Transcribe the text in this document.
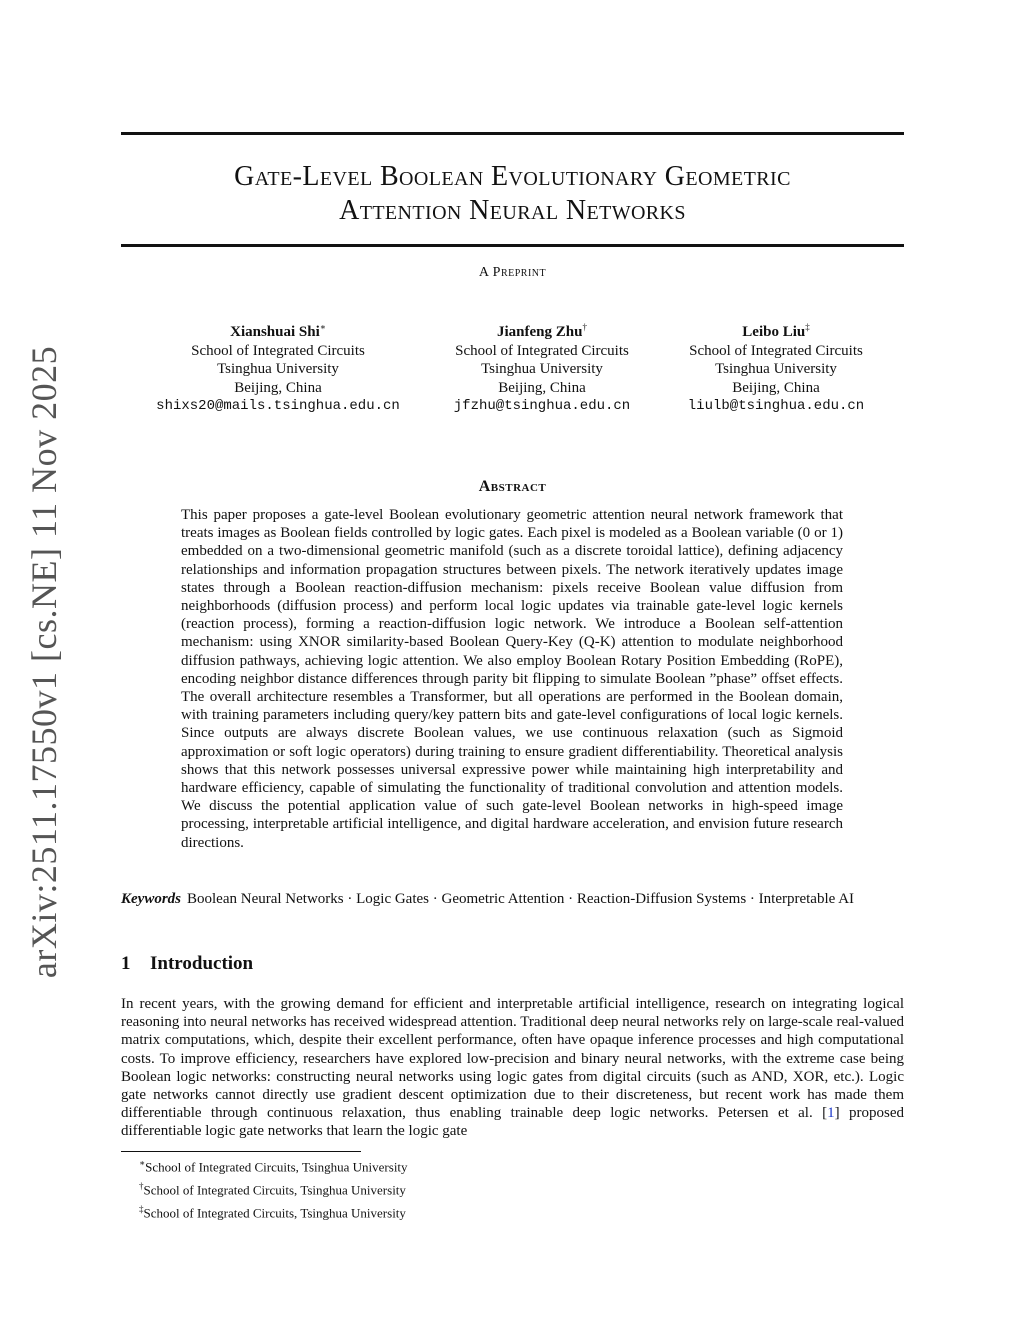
arXiv:2511.17550v1 [cs.NE] 11 Nov 2025
Gate-Level Boolean Evolutionary Geometric
Attention Neural Networks
A Preprint
Xianshuai Shi∗
School of Integrated Circuits
Tsinghua University
Beijing, China
shixs20@mails.tsinghua.edu.cn
Jianfeng Zhu†
School of Integrated Circuits
Tsinghua University
Beijing, China
jfzhu@tsinghua.edu.cn
Leibo Liu‡
School of Integrated Circuits
Tsinghua University
Beijing, China
liulb@tsinghua.edu.cn
Abstract
This paper proposes a gate-level Boolean evolutionary geometric attention neural network framework that treats images as Boolean fields controlled by logic gates. Each pixel is modeled as a Boolean variable (0 or 1) embedded on a two-dimensional geometric manifold (such as a discrete toroidal lattice), defining adjacency relationships and information propagation structures between pixels. The network iteratively updates image states through a Boolean reaction-diffusion mechanism: pixels receive Boolean value diffusion from neighborhoods (diffusion process) and perform local logic updates via trainable gate-level logic kernels (reaction process), forming a reaction-diffusion logic network. We introduce a Boolean self-attention mechanism: using XNOR similarity-based Boolean Query-Key (Q-K) attention to modulate neighborhood diffusion pathways, achieving logic attention. We also employ Boolean Rotary Position Embedding (RoPE), encoding neighbor distance differences through parity bit flipping to simulate Boolean ”phase” offset effects. The overall architecture resembles a Transformer, but all operations are performed in the Boolean domain, with training parameters including query/key pattern bits and gate-level configurations of local logic kernels. Since outputs are always discrete Boolean values, we use continuous relaxation (such as Sigmoid approximation or soft logic operators) during training to ensure gradient differentiability. Theoretical analysis shows that this network possesses universal expressive power while maintaining high interpretability and hardware efficiency, capable of simulating the functionality of traditional convolution and attention models. We discuss the potential application value of such gate-level Boolean networks in high-speed image processing, interpretable artificial intelligence, and digital hardware acceleration, and envision future research directions.
Keywords Boolean Neural Networks · Logic Gates · Geometric Attention · Reaction-Diffusion Systems · Interpretable AI
1 Introduction
In recent years, with the growing demand for efficient and interpretable artificial intelligence, research on integrating logical reasoning into neural networks has received widespread attention. Traditional deep neural networks rely on large-scale real-valued matrix computations, which, despite their excellent performance, often have opaque inference processes and high computational costs. To improve efficiency, researchers have explored low-precision and binary neural networks, with the extreme case being Boolean logic networks: constructing neural networks using logic gates from digital circuits (such as AND, XOR, etc.). Logic gate networks cannot directly use gradient descent optimization due to their discreteness, but recent work has made them differentiable through continuous relaxation, thus enabling trainable deep logic networks. Petersen et al. [1] proposed differentiable logic gate networks that learn the logic gate
∗School of Integrated Circuits, Tsinghua University
†School of Integrated Circuits, Tsinghua University
‡School of Integrated Circuits, Tsinghua University
